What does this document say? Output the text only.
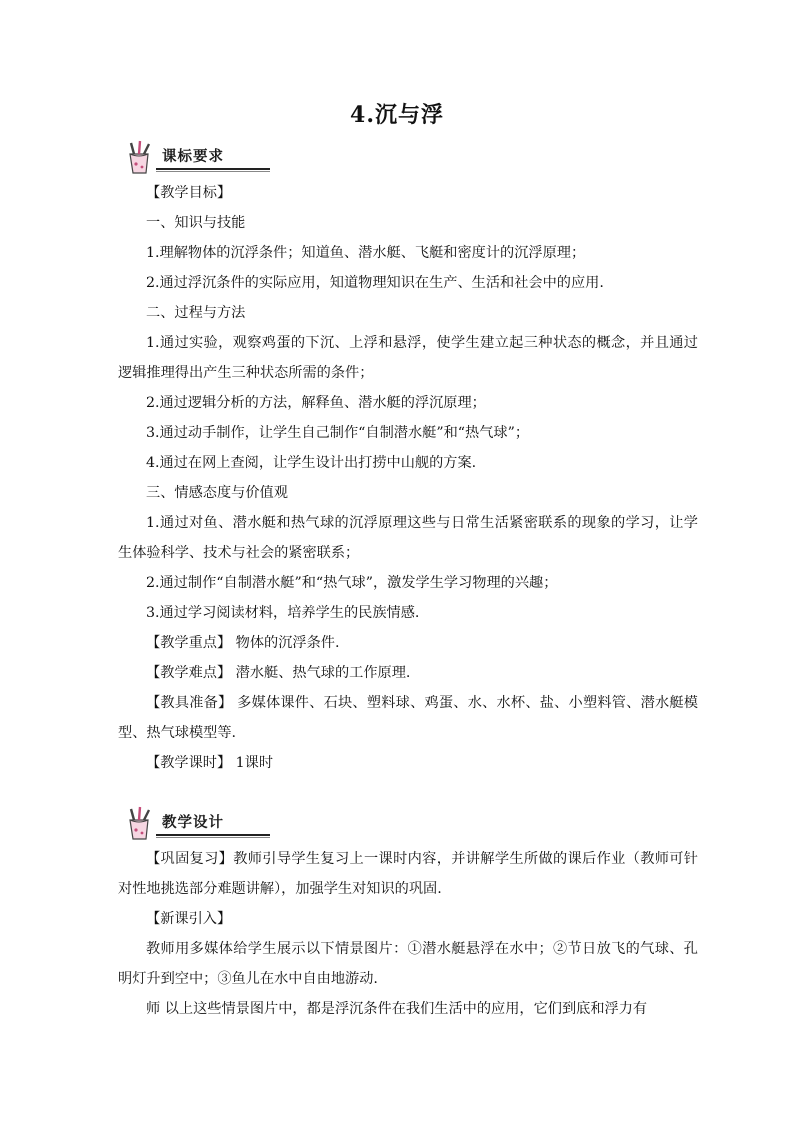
4.沉与浮
课标要求

【教学目标】

一、知识与技能

1.理解物体的沉浮条件；知道鱼、潜水艇、飞艇和密度计的沉浮原理；

2.通过浮沉条件的实际应用，知道物理知识在生产、生活和社会中的应用.

二、过程与方法

1.通过实验，观察鸡蛋的下沉、上浮和悬浮，使学生建立起三种状态的概念，并且通过逻辑推理得出产生三种状态所需的条件；

2.通过逻辑分析的方法，解释鱼、潜水艇的浮沉原理；

3.通过动手制作，让学生自己制作“自制潜水艇”和“热气球”；

4.通过在网上查阅，让学生设计出打捞中山舰的方案.

三、情感态度与价值观

1.通过对鱼、潜水艇和热气球的沉浮原理这些与日常生活紧密联系的现象的学习，让学生体验科学、技术与社会的紧密联系；

2.通过制作“自制潜水艇”和“热气球”，激发学生学习物理的兴趣；

3.通过学习阅读材料，培养学生的民族情感.

【教学重点】 物体的沉浮条件.

【教学难点】 潜水艇、热气球的工作原理.

【教具准备】 多媒体课件、石块、塑料球、鸡蛋、水、水杯、盐、小塑料管、潜水艇模型、热气球模型等.

【教学课时】 1课时

教学设计

【巩固复习】教师引导学生复习上一课时内容，并讲解学生所做的课后作业（教师可针对性地挑选部分难题讲解），加强学生对知识的巩固.

【新课引入】

教师用多媒体给学生展示以下情景图片：①潜水艇悬浮在水中；②节日放飞的气球、孔明灯升到空中；③鱼儿在水中自由地游动.

师 以上这些情景图片中，都是浮沉条件在我们生活中的应用，它们到底和浮力有
